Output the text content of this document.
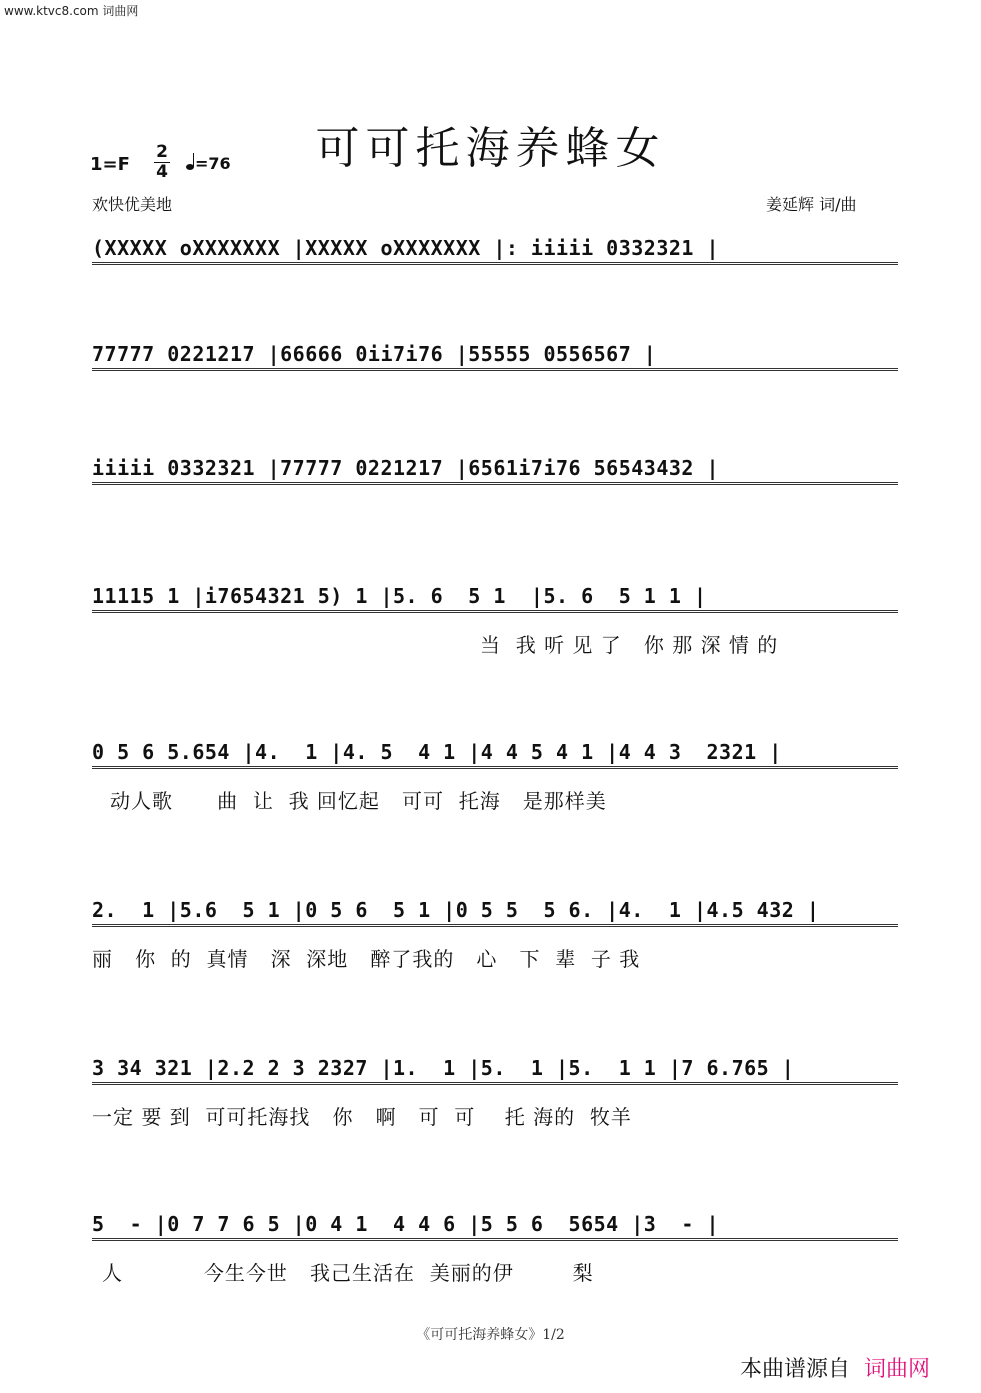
www.ktvc8.com 词曲网
可可托海养蜂女
1=F
2
4	=76
欢快优美地	姜延辉 词/曲
(XXXXX oXXXXXXX |XXXXX oXXXXXXX |: iiiii 0332321 |
77777 0221217 |66666 0ii7i76 |55555 0556567 |
iiiii 0332321 |77777 0221217 |6561i7i76 56543432 |
11115 1 |i7654321 5) 1 |5. 6  5 1  |5. 6  5 1 1 |
当  我 听 见 了   你 那 深 情 的
0 5 6 5.654 |4.  1 |4. 5  4 1 |4 4 5 4 1 |4 4 3  2321 |
动人歌      曲  让  我 回忆起   可可  托海   是那样美
2.  1 |5.6  5 1 |0 5 6  5 1 |0 5 5  5 6. |4.  1 |4.5 432 |
丽   你  的  真情   深  深地   醉了我的   心   下  辈  子 我
3 34 321 |2.2 2 3 2327 |1.  1 |5.  1 |5.  1 1 |7 6.765 |
一定 要 到  可可托海找   你   啊   可  可    托 海的  牧羊
5  - |0 7 7 6 5 |0 4 1  4 4 6 |5 5 6  5654 |3  - |
人           今生今世   我己生活在  美丽的伊        梨
《可可托海养蜂女》1/2
本曲谱源自 词曲网
